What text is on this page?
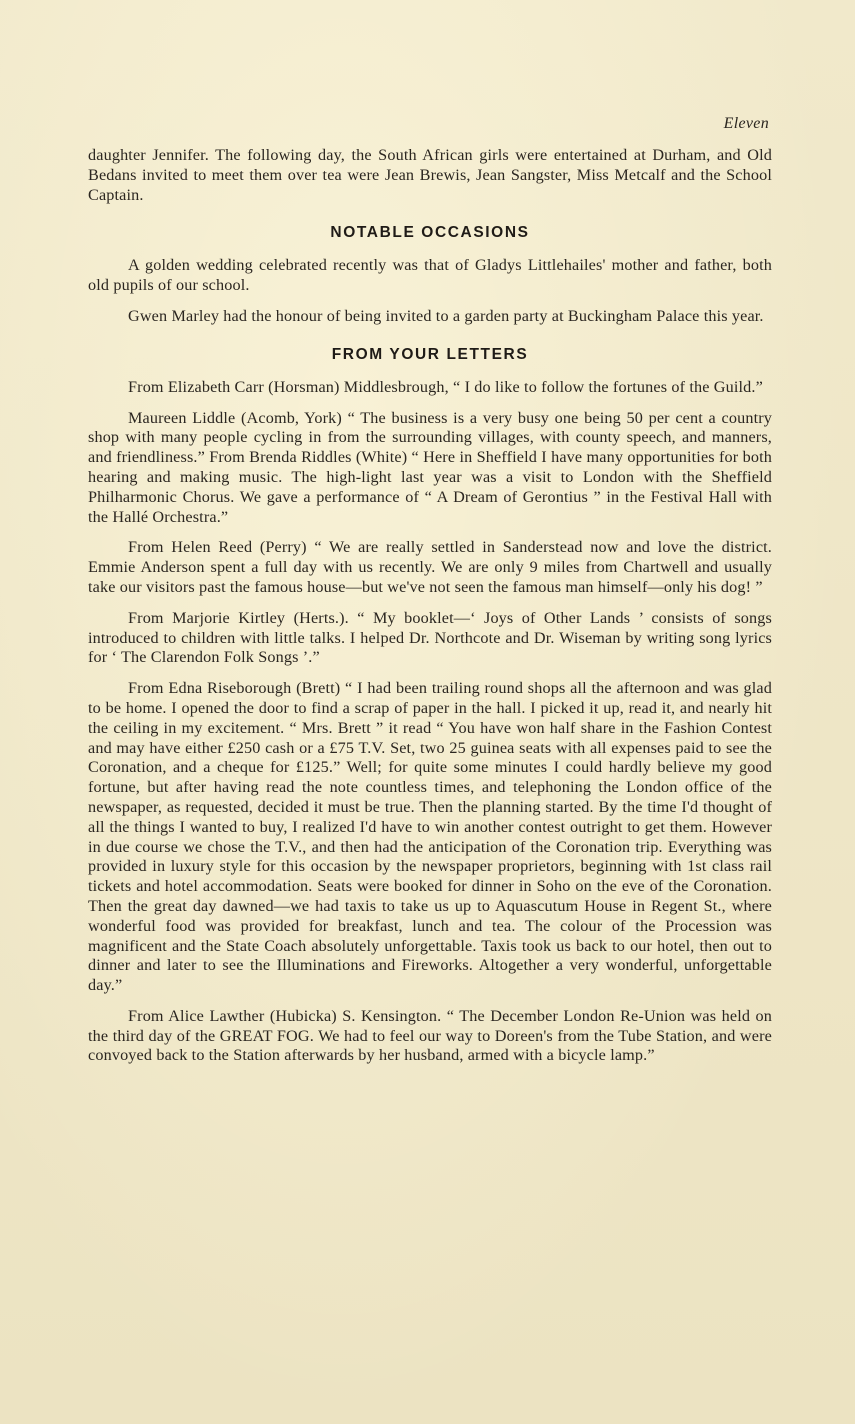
Eleven

daughter Jennifer. The following day, the South African girls were entertained at Durham, and Old Bedans invited to meet them over tea were Jean Brewis, Jean Sangster, Miss Metcalf and the School Captain.

NOTABLE OCCASIONS

A golden wedding celebrated recently was that of Gladys Littlehailes' mother and father, both old pupils of our school.

Gwen Marley had the honour of being invited to a garden party at Buckingham Palace this year.

FROM YOUR LETTERS

From Elizabeth Carr (Horsman) Middlesbrough, “ I do like to follow the fortunes of the Guild.”

Maureen Liddle (Acomb, York) “ The business is a very busy one being 50 per cent a country shop with many people cycling in from the surrounding villages, with county speech, and manners, and friendliness.” From Brenda Riddles (White) “ Here in Sheffield I have many opportunities for both hearing and making music. The high-light last year was a visit to London with the Sheffield Philharmonic Chorus. We gave a performance of “ A Dream of Gerontius ” in the Festival Hall with the Hallé Orchestra.”

From Helen Reed (Perry) “ We are really settled in Sanderstead now and love the district. Emmie Anderson spent a full day with us recently. We are only 9 miles from Chartwell and usually take our visitors past the famous house—but we've not seen the famous man himself—only his dog! ”

From Marjorie Kirtley (Herts.). “ My booklet—‘ Joys of Other Lands ’ consists of songs introduced to children with little talks. I helped Dr. Northcote and Dr. Wiseman by writing song lyrics for ‘ The Clarendon Folk Songs ’.”

From Edna Riseborough (Brett) “ I had been trailing round shops all the afternoon and was glad to be home. I opened the door to find a scrap of paper in the hall. I picked it up, read it, and nearly hit the ceiling in my excitement. “ Mrs. Brett ” it read “ You have won half share in the Fashion Contest and may have either £250 cash or a £75 T.V. Set, two 25 guinea seats with all expenses paid to see the Coronation, and a cheque for £125.” Well; for quite some minutes I could hardly believe my good fortune, but after having read the note countless times, and telephoning the London office of the newspaper, as requested, decided it must be true. Then the planning started. By the time I'd thought of all the things I wanted to buy, I realized I'd have to win another contest outright to get them. However in due course we chose the T.V., and then had the anticipation of the Coronation trip. Everything was provided in luxury style for this occasion by the newspaper proprietors, beginning with 1st class rail tickets and hotel accommodation. Seats were booked for dinner in Soho on the eve of the Coronation. Then the great day dawned—we had taxis to take us up to Aquascutum House in Regent St., where wonderful food was provided for breakfast, lunch and tea. The colour of the Procession was magnificent and the State Coach absolutely unforgettable. Taxis took us back to our hotel, then out to dinner and later to see the Illuminations and Fireworks. Altogether a very wonderful, unforgettable day.”

From Alice Lawther (Hubicka) S. Kensington. “ The December London Re-Union was held on the third day of the GREAT FOG. We had to feel our way to Doreen's from the Tube Station, and were convoyed back to the Station afterwards by her husband, armed with a bicycle lamp.”
